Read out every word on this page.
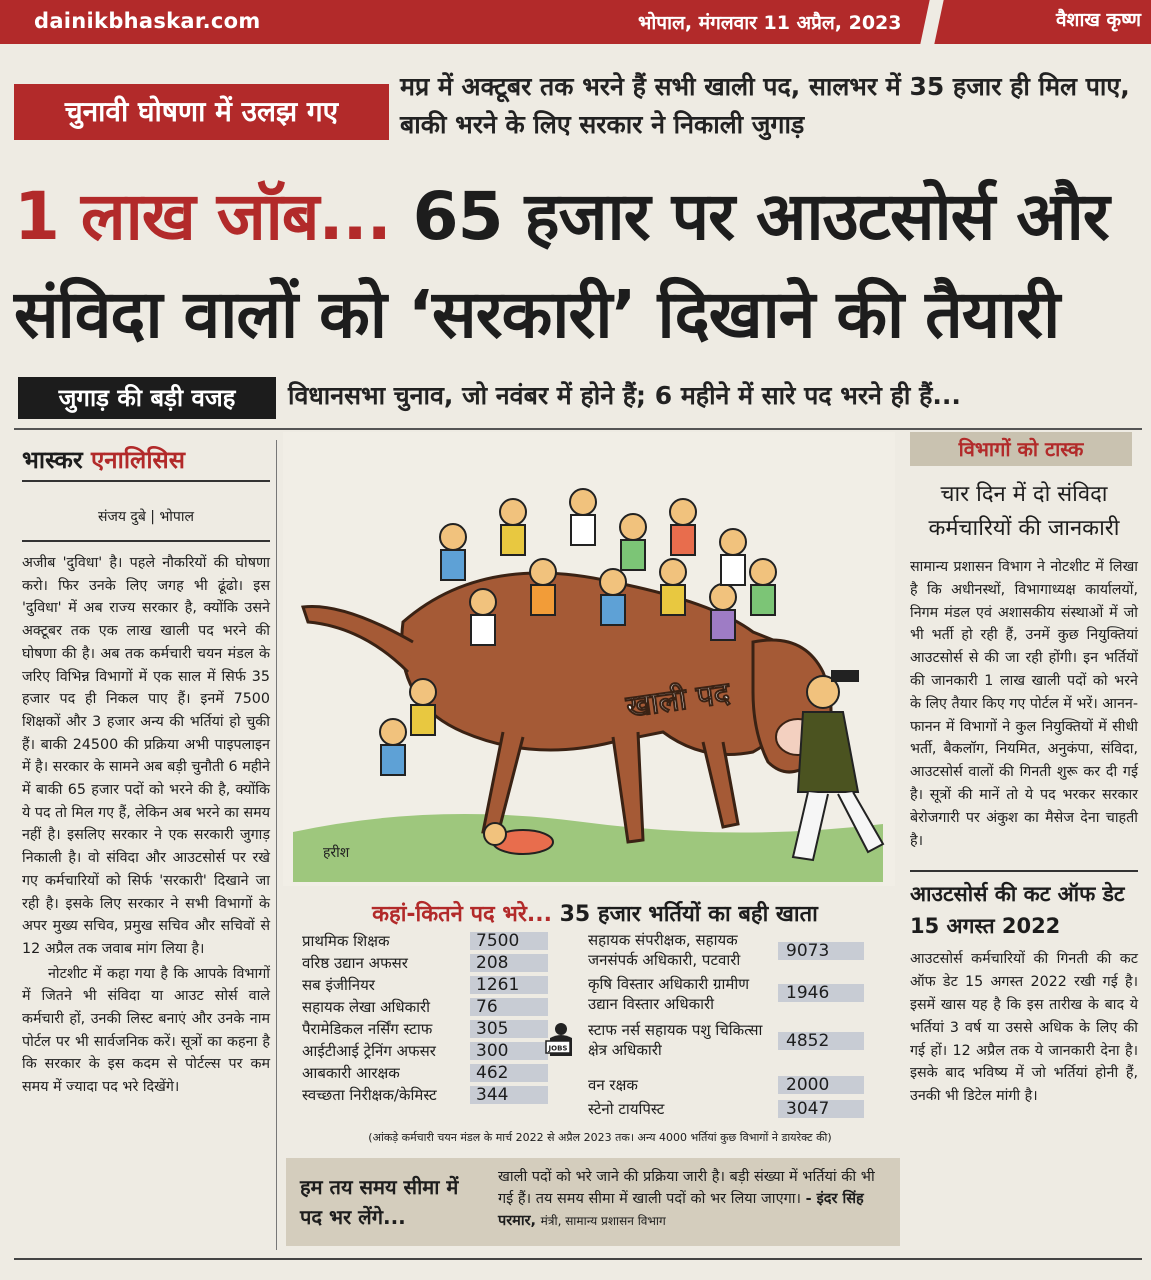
dainikbhaskar.com	भोपाल, मंगलवार 11 अप्रैल, 2023	वैशाख कृष्ण
चुनावी घोषणा में उलझ गए
मप्र में अक्टूबर तक भरने हैं सभी खाली पद, सालभर में 35 हजार ही मिल पाए, बाकी भरने के लिए सरकार ने निकाली जुगाड़
1 लाख जॉब... 65 हजार पर आउटसोर्स और
संविदा वालों को ‘सरकारी’ दिखाने की तैयारी
जुगाड़ की बड़ी वजह	विधानसभा चुनाव, जो नवंबर में होने हैं; 6 महीने में सारे पद भरने ही हैं...
भास्कर एनालिसिस
संजय दुबे | भोपाल
अजीब 'दुविधा' है। पहले नौकरियों की घोषणा करो। फिर उनके लिए जगह भी ढूंढो। इस 'दुविधा' में अब राज्य सरकार है, क्योंकि उसने अक्टूबर तक एक लाख खाली पद भरने की घोषणा की है। अब तक कर्मचारी चयन मंडल के जरिए विभिन्न विभागों में एक साल में सिर्फ 35 हजार पद ही निकल पाए हैं। इनमें 7500 शिक्षकों और 3 हजार अन्य की भर्तियां हो चुकी हैं। बाकी 24500 की प्रक्रिया अभी पाइपलाइन में है। सरकार के सामने अब बड़ी चुनौती 6 महीने में बाकी 65 हजार पदों को भरने की है, क्योंकि ये पद तो मिल गए हैं, लेकिन अब भरने का समय नहीं है। इसलिए सरकार ने एक सरकारी जुगाड़ निकाली है। वो संविदा और आउटसोर्स पर रखे गए कर्मचारियों को सिर्फ 'सरकारी' दिखाने जा रही है। इसके लिए सरकार ने सभी विभागों के अपर मुख्य सचिव, प्रमुख सचिव और सचिवों से 12 अप्रैल तक जवाब मांग लिया है।
नोटशीट में कहा गया है कि आपके विभागों में जितने भी संविदा या आउट सोर्स वाले कर्मचारी हों, उनकी लिस्ट बनाएं और उनके नाम पोर्टल पर भी सार्वजनिक करें। सूत्रों का कहना है कि सरकार के इस कदम से पोर्टल्स पर कम समय में ज्यादा पद भरे दिखेंगे।
खाली पद
हरीश
विभागों को टास्क
चार दिन में दो संविदा कर्मचारियों की जानकारी
सामान्य प्रशासन विभाग ने नोटशीट में लिखा है कि अधीनस्थों, विभागाध्यक्ष कार्यालयों, निगम मंडल एवं अशासकीय संस्थाओं में जो भी भर्ती हो रही हैं, उनमें कुछ नियुक्तियां आउटसोर्स से की जा रही होंगी। इन भर्तियों की जानकारी 1 लाख खाली पदों को भरने के लिए तैयार किए गए पोर्टल में भरें। आनन-फानन में विभागों ने कुल नियुक्तियों में सीधी भर्ती, बैकलॉग, नियमित, अनुकंपा, संविदा, आउटसोर्स वालों की गिनती शुरू कर दी गई है। सूत्रों की मानें तो ये पद भरकर सरकार बेरोजगारी पर अंकुश का मैसेज देना चाहती है।
आउटसोर्स की कट ऑफ डेट 15 अगस्त 2022
आउटसोर्स कर्मचारियों की गिनती की कट ऑफ डेट 15 अगस्त 2022 रखी गई है। इसमें खास यह है कि इस तारीख के बाद ये भर्तियां 3 वर्ष या उससे अधिक के लिए की गई हों। 12 अप्रैल तक ये जानकारी देना है। इसके बाद भविष्य में जो भर्तियां होनी हैं, उनकी भी डिटेल मांगी है।
कहां-कितने पद भरे... 35 हजार भर्तियों का बही खाता
प्राथमिक शिक्षक	7500
वरिष्ठ उद्यान अफसर	208
सब इंजीनियर	1261
सहायक लेखा अधिकारी	76
पैरामेडिकल नर्सिंग स्टाफ	305
आईटीआई ट्रेनिंग अफसर 300
आबकारी आरक्षक	462
स्वच्छता निरीक्षक/केमिस्ट 344
JOBS
सहायक संपरीक्षक, सहायक जनसंपर्क अधिकारी, पटवारी	9073
कृषि विस्तार अधिकारी ग्रामीण उद्यान विस्तार अधिकारी
1946
स्टाफ नर्स सहायक पशु चिकित्सा क्षेत्र अधिकारी	4852
वन रक्षक	2000
स्टेनो टायपिस्ट	3047
(आंकड़े कर्मचारी चयन मंडल के मार्च 2022 से अप्रैल 2023 तक। अन्य 4000 भर्तियां कुछ विभागों ने डायरेक्ट की)
हम तय समय सीमा में पद भर लेंगे...
खाली पदों को भरे जाने की प्रक्रिया जारी है। बड़ी संख्या में भर्तियां की भी गई हैं। तय समय सीमा में खाली पदों को भर लिया जाएगा। - इंदर सिंह परमार, मंत्री, सामान्य प्रशासन विभाग
